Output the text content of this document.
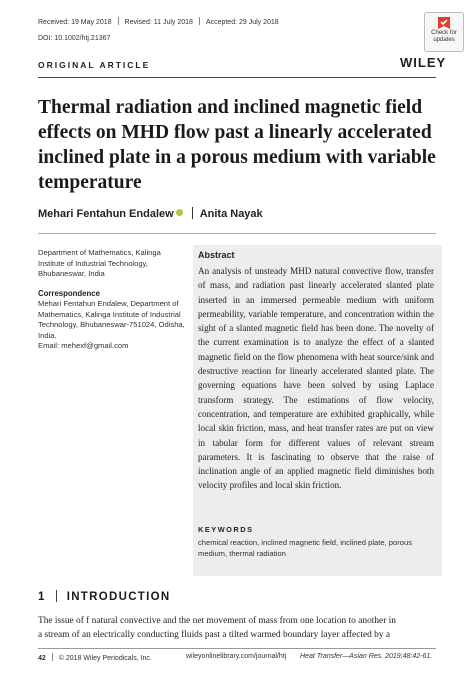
Received: 19 May 2018 Revised: 11 July 2018 Accepted: 29 July 2018
DOI: 10.1002/htj.21367
Check for updates
WILEY
ORIGINAL ARTICLE
Thermal radiation and inclined magnetic field effects on MHD flow past a linearly accelerated inclined plate in a porous medium with variable temperature
Mehari Fentahun Endalew Anita Nayak
Department of Mathematics, Kalinga Institute of Industrial Technology, Bhubaneswar, India
Correspondence

Mehari Fentahun Endalew, Department of Mathematics, Kalinga Institute of Industrial Technology, Bhubaneswar-751024, Odisha, India.

Email: mehexf@gmail.com

Abstract
An analysis of unsteady MHD natural convective flow, transfer of mass, and radiation past linearly accelerated slanted plate inserted in an immersed permeable medium with uniform permeability, variable temperature, and concentration within the sight of a slanted magnetic field has been done. The novelty of the current examination is to analyze the effect of a slanted magnetic field on the flow phenomena with heat source/sink and destructive reaction for linearly accelerated slanted plate. The governing equations have been solved by using Laplace transform strategy. The estimations of flow velocity, concentration, and temperature are exhibited graphically, while local skin friction, mass, and heat transfer rates are put on view in tabular form for different values of relevant stream parameters. It is fascinating to observe that the raise of inclination angle of an applied magnetic field diminishes both velocity profiles and local skin friction.
KEYWORDS
chemical reaction, inclined magnetic field, inclined plate, porous medium, thermal radiation
1 INTRODUCTION
The issue of f natural convective and the net movement of mass from one location to another in
a stream of an electrically conducting fluids past a tilted warmed boundary layer affected by a
42 © 2018 Wiley Periodicals, Inc.	wileyonlinelibrary.com/journal/htj Heat Transfer—Asian Res. 2019;48:42-61.
